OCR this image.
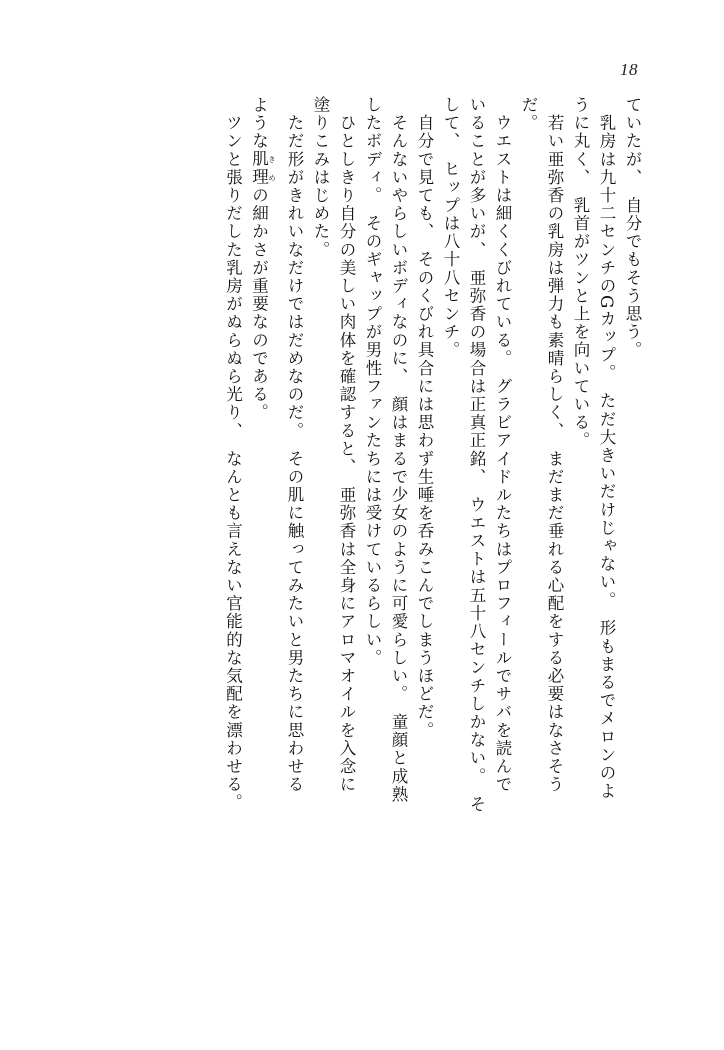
18
ていたが、　自分でもそう思う。
　乳房は九十二センチのGカップ。　ただ大きいだけじゃない。　形もまるでメロンのよ
うに丸く、　乳首がツンと上を向いている。
　若い亜弥香の乳房は弾力も素晴らしく、　まだまだ垂れる心配をする必要はなさそう
だ。
　ウエストは細くくびれている。　グラビアイドルたちはプロフィールでサバを読んで
いることが多いが、　亜弥香の場合は正真正銘、　ウエストは五十八センチしかない。　そ
して、　ヒップは八十八センチ。
　自分で見ても、　そのくびれ具合には思わず生唾を呑みこんでしまうほどだ。
　そんないやらしいボディなのに、　顔はまるで少女のように可愛らしい。　童顔と成熟
したボディ。　そのギャップが男性ファンたちには受けているらしい。
　ひとしきり自分の美しい肉体を確認すると、　亜弥香は全身にアロマオイルを入念に
塗りこみはじめた。
　ただ形がきれいなだけではだめなのだ。　その肌に触ってみたいと男たちに思わせる
ような肌理 きめの細かさが重要なのである。
　ツンと張りだした乳房がぬらぬら光り、　なんとも言えない官能的な気配を漂わせる。
